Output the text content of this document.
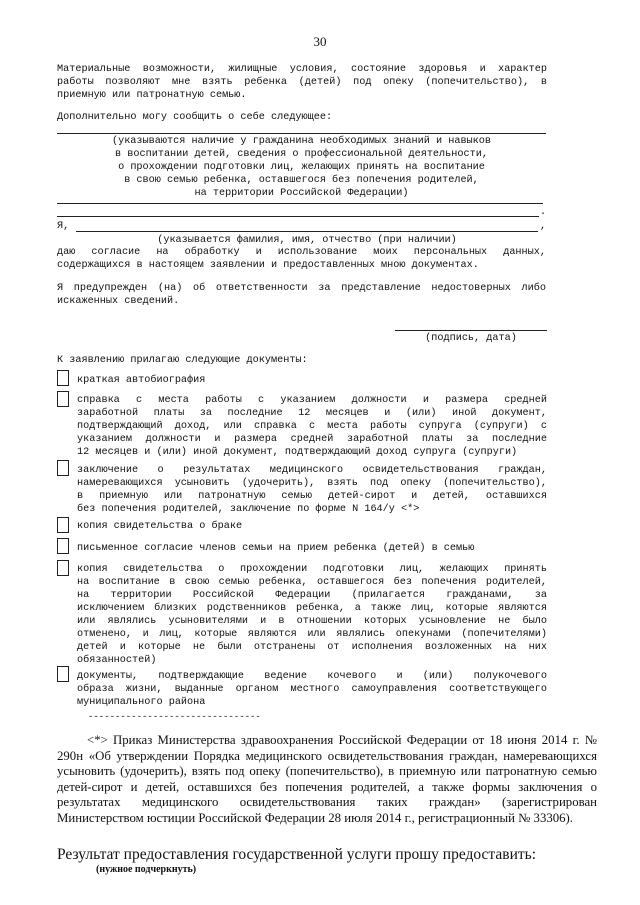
30
Материальные возможности, жилищные условия, состояние здоровья и характер
работы позволяют мне взять ребенка (детей) под опеку (попечительство), в
приемную или патронатную семью.
Дополнительно могу сообщить о себе следующее:
(указываются наличие у гражданина необходимых знаний и навыков
в воспитании детей, сведения о профессиональной деятельности,
о прохождении подготовки лиц, желающих принять на воспитание
в свою семью ребенка, оставшегося без попечения родителей,
на территории Российской Федерации)
.
Я,	,
(указывается фамилия, имя, отчество (при наличии)
даю согласие на обработку и использование моих персональных данных,
содержащихся в настоящем заявлении и предоставленных мною документах.
Я предупрежден (на) об ответственности за представление недостоверных либо
искаженных сведений.
(подпись, дата)
К заявлению прилагаю следующие документы:
краткая автобиография
справка с места работы с указанием должности и размера средней
заработной платы за последние 12 месяцев и (или) иной документ,
подтверждающий доход, или справка с места работы супруга (супруги) с
указанием должности и размера средней заработной платы за последние
12 месяцев и (или) иной документ, подтверждающий доход супруга (супруги)
заключение о результатах медицинского освидетельствования граждан,
намеревающихся усыновить (удочерить), взять под опеку (попечительство),
в приемную или патронатную семью детей-сирот и детей, оставшихся
без попечения родителей, заключение по форме N 164/у <*>
копия свидетельства о браке
письменное согласие членов семьи на прием ребенка (детей) в семью
копия свидетельства о прохождении подготовки лиц, желающих принять
на воспитание в свою семью ребенка, оставшегося без попечения родителей,
на территории Российской Федерации (прилагается гражданами, за
исключением близких родственников ребенка, а также лиц, которые являются
или являлись усыновителями и в отношении которых усыновление не было
отменено, и лиц, которые являются или являлись опекунами (попечителями)
детей и которые не были отстранены от исполнения возложенных на них
обязанностей)
документы, подтверждающие ведение кочевого и (или) полукочевого
образа жизни, выданные органом местного самоуправления соответствующего
муниципального района
--------------------------------
<*> Приказ Министерства здравоохранения Российской Федерации от 18 июня 2014 г. №
290н «Об утверждении Порядка медицинского освидетельствования граждан, намеревающихся
усыновить (удочерить), взять под опеку (попечительство), в приемную или патронатную семью
детей-сирот и детей, оставшихся без попечения родителей, а также формы заключения о
результатах медицинского освидетельствования таких граждан» (зарегистрирован
Министерством юстиции Российской Федерации 28 июля 2014 г., регистрационный № 33306).
Результат предоставления государственной услуги прошу предоставить:
(нужное подчеркнуть)
